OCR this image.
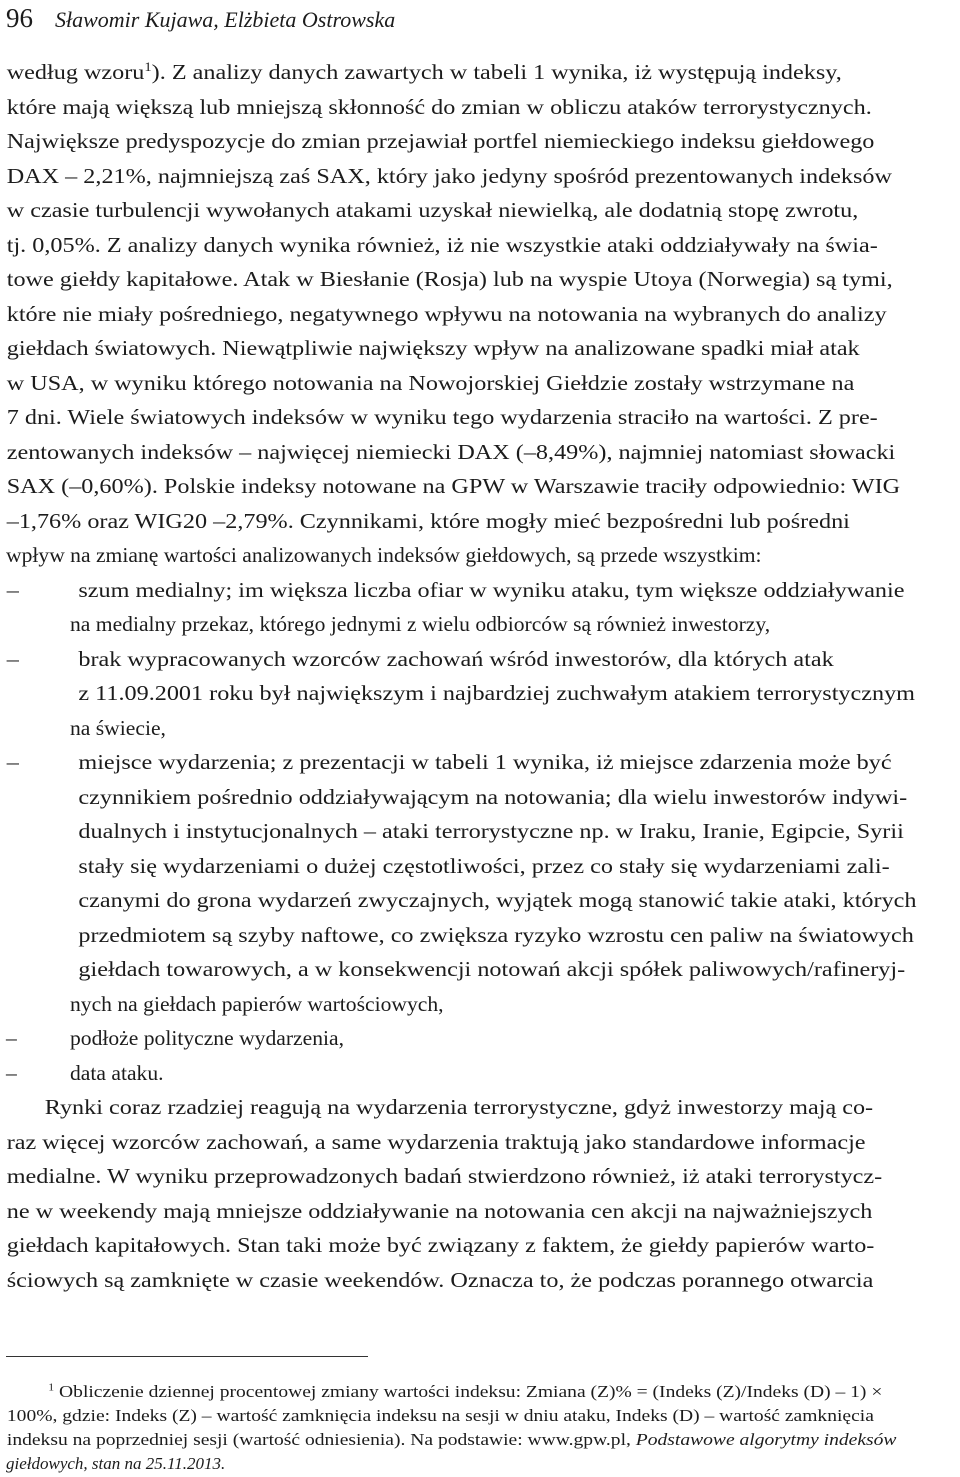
96 Sławomir Kujawa, Elżbieta Ostrowska
według wzoru$^1$). Z analizy danych zawartych w tabeli 1 wynika, iż występują indeksy,
które mają większą lub mniejszą skłonność do zmian w obliczu ataków terrorystycznych.
Największe predyspozycje do zmian przejawiał portfel niemieckiego indeksu giełdowego
DAX – 2,21%, najmniejszą zaś SAX, który jako jedyny spośród prezentowanych indeksów
w czasie turbulencji wywołanych atakami uzyskał niewielką, ale dodatnią stopę zwrotu,
tj. 0,05%. Z analizy danych wynika również, iż nie wszystkie ataki oddziaływały na świa-
towe giełdy kapitałowe. Atak w Biesłanie (Rosja) lub na wyspie Utoya (Norwegia) są tymi,
które nie miały pośredniego, negatywnego wpływu na notowania na wybranych do analizy
giełdach światowych. Niewątpliwie największy wpływ na analizowane spadki miał atak
w USA, w wyniku którego notowania na Nowojorskiej Giełdzie zostały wstrzymane na
7 dni. Wiele światowych indeksów w wyniku tego wydarzenia straciło na wartości. Z pre-
zentowanych indeksów – najwięcej niemiecki DAX (–8,49%), najmniej natomiast słowacki
SAX (–0,60%). Polskie indeksy notowane na GPW w Warszawie traciły odpowiednio: WIG
–1,76% oraz WIG20 –2,79%. Czynnikami, które mogły mieć bezpośredni lub pośredni
wpływ na zmianę wartości analizowanych indeksów giełdowych, są przede wszystkim:
–	szum medialny; im większa liczba ofiar w wyniku ataku, tym większe oddziaływanie
na medialny przekaz, którego jednymi z wielu odbiorców są również inwestorzy,
–	brak wypracowanych wzorców zachowań wśród inwestorów, dla których atak
z 11.09.2001 roku był największym i najbardziej zuchwałym atakiem terrorystycznym
na świecie,
–	miejsce wydarzenia; z prezentacji w tabeli 1 wynika, iż miejsce zdarzenia może być
czynnikiem pośrednio oddziaływającym na notowania; dla wielu inwestorów indywi-
dualnych i instytucjonalnych – ataki terrorystyczne np. w Iraku, Iranie, Egipcie, Syrii
stały się wydarzeniami o dużej częstotliwości, przez co stały się wydarzeniami zali-
czanymi do grona wydarzeń zwyczajnych, wyjątek mogą stanowić takie ataki, których
przedmiotem są szyby naftowe, co zwiększa ryzyko wzrostu cen paliw na światowych
giełdach towarowych, a w konsekwencji notowań akcji spółek paliwowych/rafineryj-
nych na giełdach papierów wartościowych,
– podłoże polityczne wydarzenia,
– data ataku.
Rynki coraz rzadziej reagują na wydarzenia terrorystyczne, gdyż inwestorzy mają co-
raz więcej wzorców zachowań, a same wydarzenia traktują jako standardowe informacje
medialne. W wyniku przeprowadzonych badań stwierdzono również, iż ataki terrorystycz-
ne w weekendy mają mniejsze oddziaływanie na notowania cen akcji na najważniejszych
giełdach kapitałowych. Stan taki może być związany z faktem, że giełdy papierów warto-
ściowych są zamknięte w czasie weekendów. Oznacza to, że podczas porannego otwarcia
$^1$ Obliczenie dziennej procentowej zmiany wartości indeksu: Zmiana (Z)% = (Indeks (Z)/Indeks (D) – 1) ×
100%, gdzie: Indeks (Z) – wartość zamknięcia indeksu na sesji w dniu ataku, Indeks (D) – wartość zamknięcia
indeksu na poprzedniej sesji (wartość odniesienia). Na podstawie: www.gpw.pl, Podstawowe algorytmy indeksów
giełdowych, stan na 25.11.2013.
